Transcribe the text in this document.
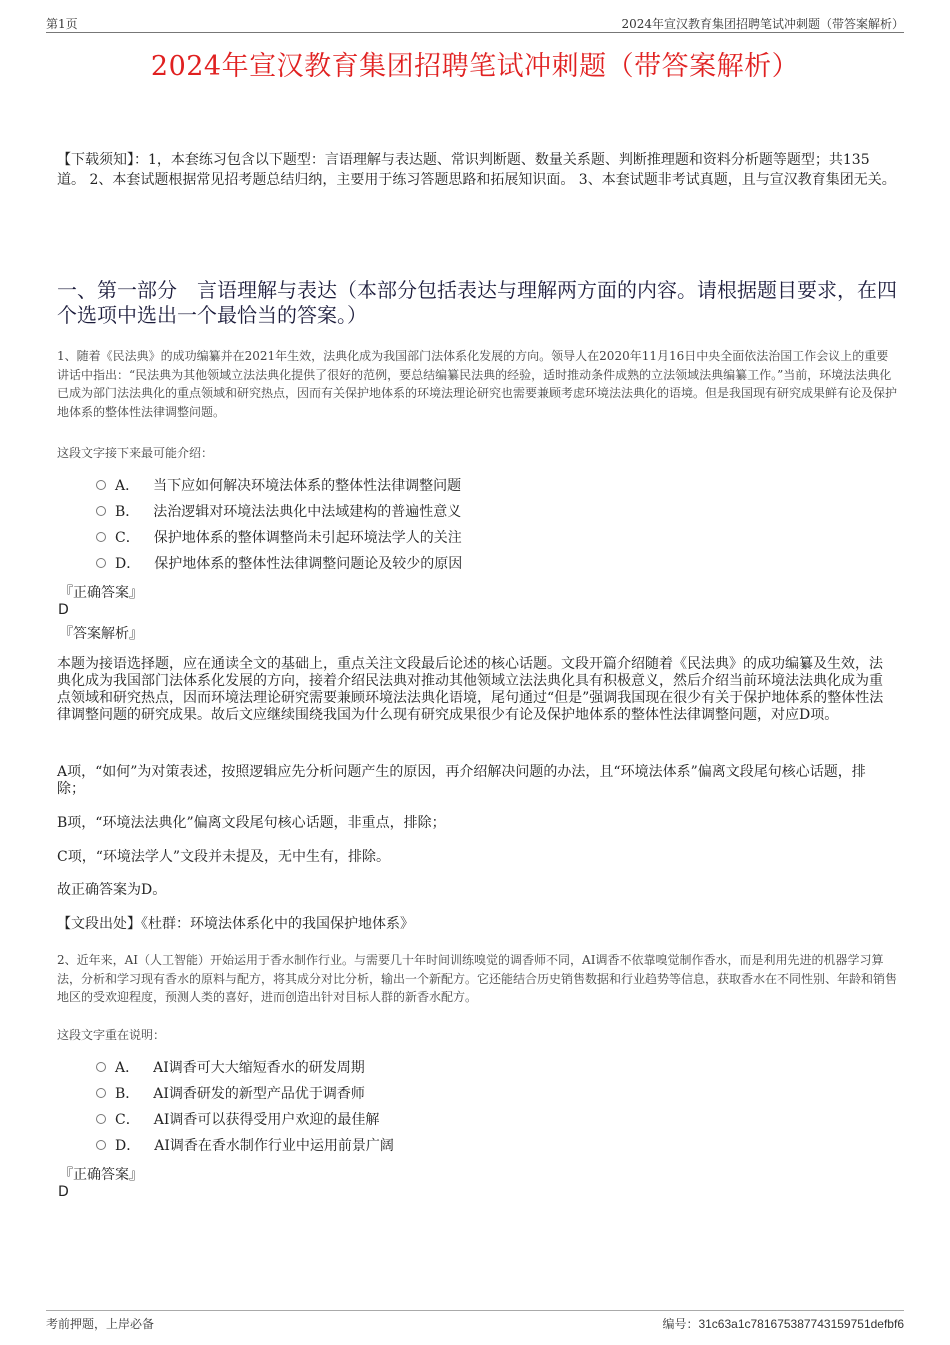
第1页	2024年宣汉教育集团招聘笔试冲刺题（带答案解析）
2024年宣汉教育集团招聘笔试冲刺题（带答案解析）
【下载须知】：1，本套练习包含以下题型：言语理解与表达题、常识判断题、数量关系题、判断推理题和资料分析题等题型；共135道。 2、本套试题根据常见招考题总结归纳，主要用于练习答题思路和拓展知识面。 3、本套试题非考试真题，且与宣汉教育集团无关。
一、第一部分　言语理解与表达（本部分包括表达与理解两方面的内容。请根据题目要求，在四个选项中选出一个最恰当的答案。）
1、随着《民法典》的成功编纂并在2021年生效，法典化成为我国部门法体系化发展的方向。领导人在2020年11月16日中央全面依法治国工作会议上的重要讲话中指出：“民法典为其他领域立法法典化提供了很好的范例，要总结编纂民法典的经验，适时推动条件成熟的立法领域法典编纂工作。”当前，环境法法典化已成为部门法法典化的重点领域和研究热点，因而有关保护地体系的环境法理论研究也需要兼顾考虑环境法法典化的语境。但是我国现有研究成果鲜有论及保护地体系的整体性法律调整问题。
这段文字接下来最可能介绍：
A． 当下应如何解决环境法体系的整体性法律调整问题
B． 法治逻辑对环境法法典化中法域建构的普遍性意义
C． 保护地体系的整体调整尚未引起环境法学人的关注
D． 保护地体系的整体性法律调整问题论及较少的原因
『正确答案』
D
『答案解析』
本题为接语选择题，应在通读全文的基础上，重点关注文段最后论述的核心话题。文段开篇介绍随着《民法典》的成功编纂及生效，法典化成为我国部门法体系化发展的方向，接着介绍民法典对推动其他领域立法法典化具有积极意义，然后介绍当前环境法法典化成为重点领域和研究热点，因而环境法理论研究需要兼顾环境法法典化语境，尾句通过“但是”强调我国现在很少有关于保护地体系的整体性法律调整问题的研究成果。故后文应继续围绕我国为什么现有研究成果很少有论及保护地体系的整体性法律调整问题，对应D项。
A项，“如何”为对策表述，按照逻辑应先分析问题产生的原因，再介绍解决问题的办法，且“环境法体系”偏离文段尾句核心话题，排除；
B项，“环境法法典化”偏离文段尾句核心话题，非重点，排除；
C项，“环境法学人”文段并未提及，无中生有，排除。
故正确答案为D。
【文段出处】《杜群：环境法体系化中的我国保护地体系》
2、近年来，AI（人工智能）开始运用于香水制作行业。与需要几十年时间训练嗅觉的调香师不同，AI调香不依靠嗅觉制作香水，而是利用先进的机器学习算法，分析和学习现有香水的原料与配方，将其成分对比分析，输出一个新配方。它还能结合历史销售数据和行业趋势等信息，获取香水在不同性别、年龄和销售地区的受欢迎程度，预测人类的喜好，进而创造出针对目标人群的新香水配方。
这段文字重在说明：
A． AI调香可大大缩短香水的研发周期
B． AI调香研发的新型产品优于调香师
C． AI调香可以获得受用户欢迎的最佳解
D． AI调香在香水制作行业中运用前景广阔
『正确答案』
D
考前押题，上岸必备	编号：31c63a1c781675387743159751defbf6
